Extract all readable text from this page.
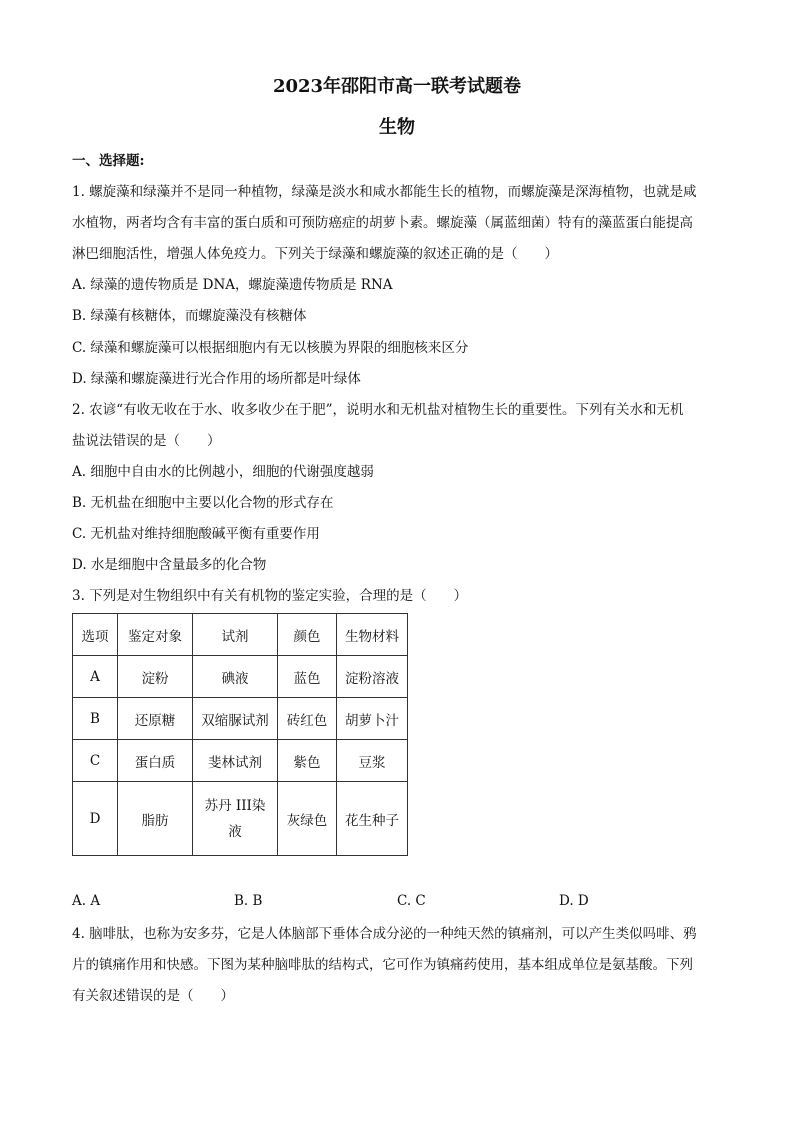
2023年邵阳市高一联考试题卷
生物
一、选择题:
1. 螺旋藻和绿藻并不是同一种植物，绿藻是淡水和咸水都能生长的植物，而螺旋藻是深海植物，也就是咸
水植物，两者均含有丰富的蛋白质和可预防癌症的胡萝卜素。螺旋藻（属蓝细菌）特有的藻蓝蛋白能提高
淋巴细胞活性，增强人体免疫力。下列关于绿藻和螺旋藻的叙述正确的是（　　）
A. 绿藻的遗传物质是 DNA，螺旋藻遗传物质是 RNA
B. 绿藻有核糖体，而螺旋藻没有核糖体
C. 绿藻和螺旋藻可以根据细胞内有无以核膜为界限的细胞核来区分
D. 绿藻和螺旋藻进行光合作用的场所都是叶绿体
2. 农谚“有收无收在于水、收多收少在于肥”，说明水和无机盐对植物生长的重要性。下列有关水和无机
盐说法错误的是（　　）
A. 细胞中自由水的比例越小，细胞的代谢强度越弱
B. 无机盐在细胞中主要以化合物的形式存在
C. 无机盐对维持细胞酸碱平衡有重要作用
D. 水是细胞中含量最多的化合物
3. 下列是对生物组织中有关有机物的鉴定实验，合理的是（　　）
选项	鉴定对象	试剂	颜色	生物材料
A	淀粉	碘液	蓝色	淀粉溶液
B	还原糖	双缩脲试剂	砖红色	胡萝卜汁
C	蛋白质	斐林试剂	紫色	豆浆
D	脂肪	苏丹 III染
液	灰绿色	花生种子
A. A	B. B	C. C	D. D
4. 脑啡肽，也称为安多芬，它是人体脑部下垂体合成分泌的一种纯天然的镇痛剂，可以产生类似吗啡、鸦
片的镇痛作用和快感。下图为某种脑啡肽的结构式，它可作为镇痛药使用，基本组成单位是氨基酸。下列
有关叙述错误的是（　　）
